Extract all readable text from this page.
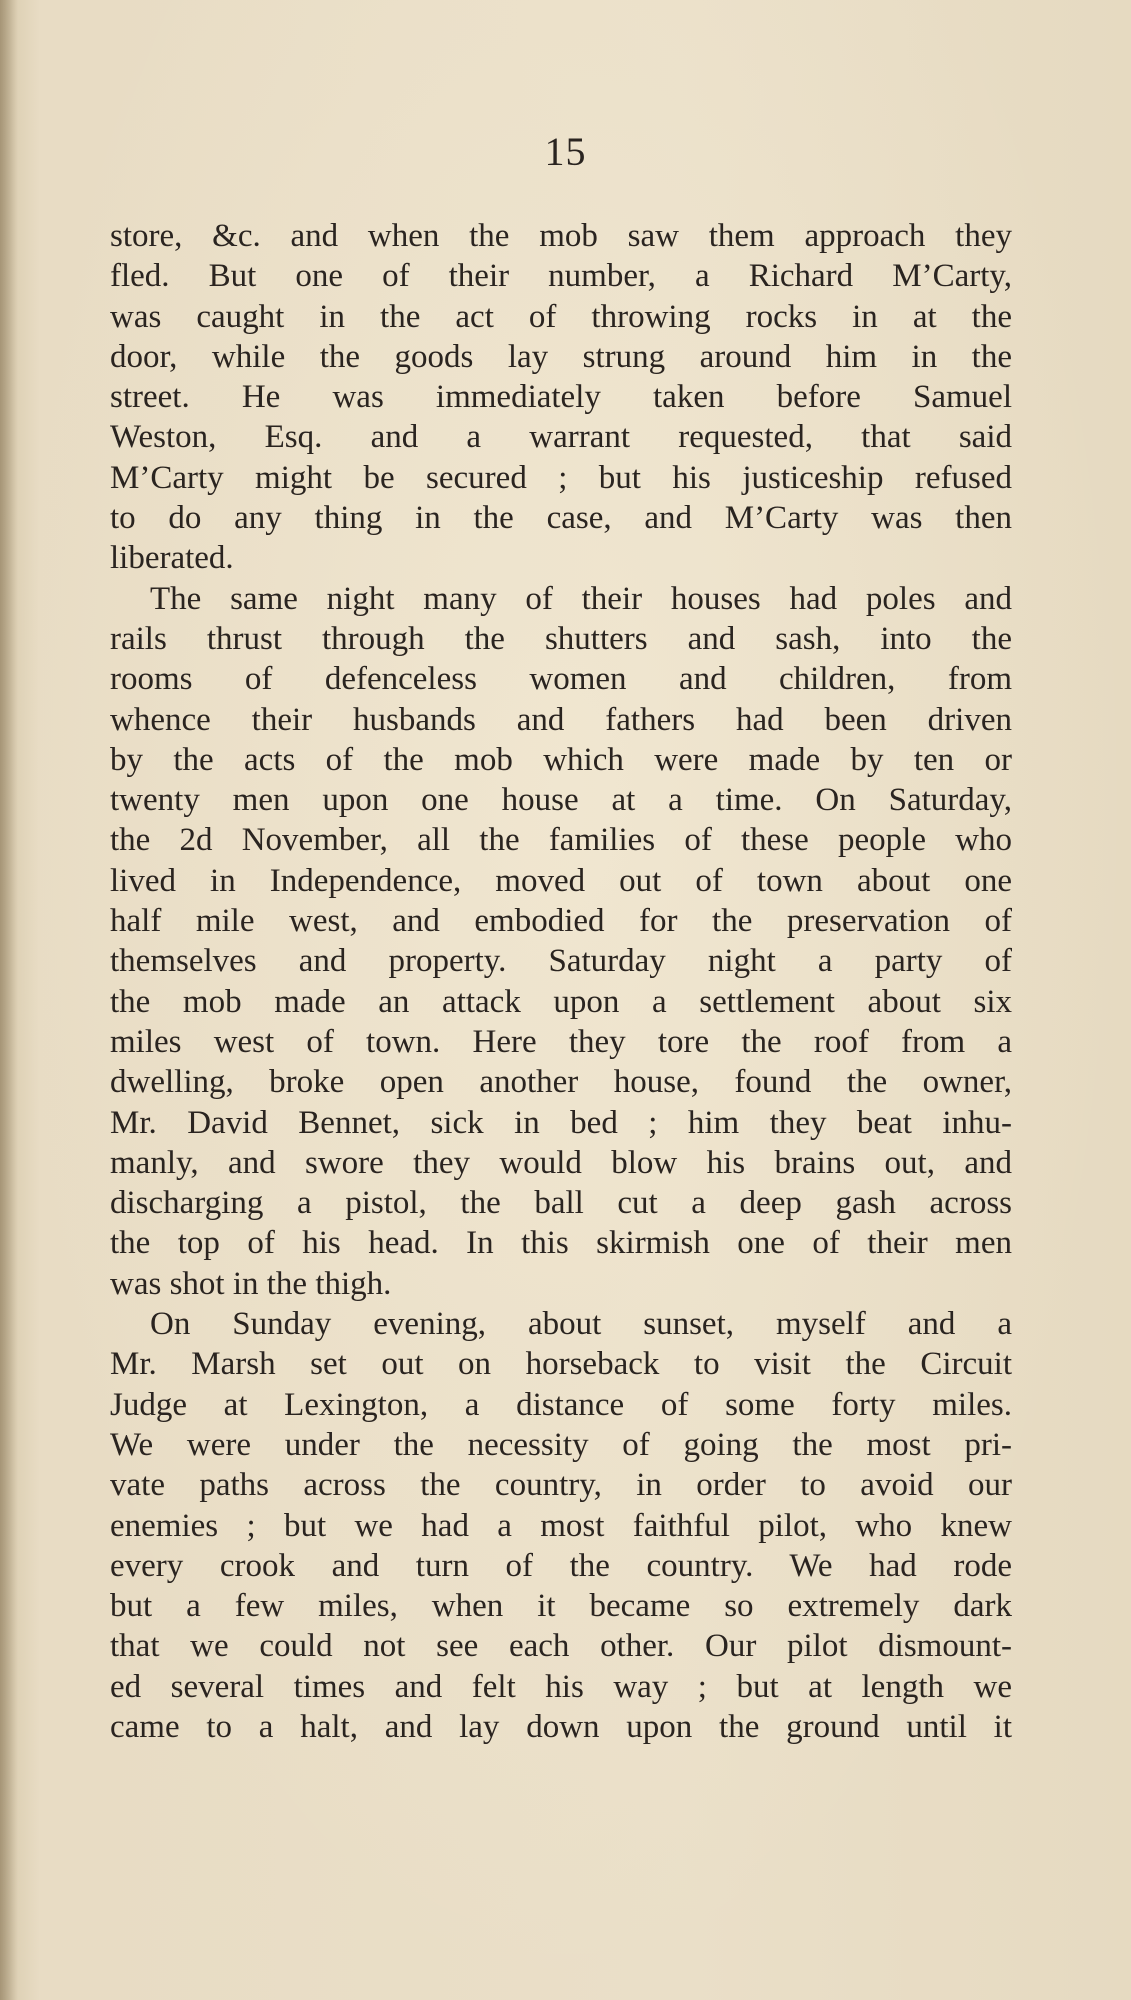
15

store, &c. and when the mob saw them approach they
fled. But one of their number, a Richard M’Carty,
was caught in the act of throwing rocks in at the
door, while the goods lay strung around him in the
street. He was immediately taken before Samuel
Weston, Esq. and a warrant requested, that said
M’Carty might be secured ; but his justiceship refused
to do any thing in the case, and M’Carty was then
liberated.

The same night many of their houses had poles and
rails thrust through the shutters and sash, into the
rooms of defenceless women and children, from
whence their husbands and fathers had been driven
by the acts of the mob which were made by ten or
twenty men upon one house at a time. On Saturday,
the 2d November, all the families of these people who
lived in Independence, moved out of town about one
half mile west, and embodied for the preservation of
themselves and property. Saturday night a party of
the mob made an attack upon a settlement about six
miles west of town. Here they tore the roof from a
dwelling, broke open another house, found the owner,
Mr. David Bennet, sick in bed ; him they beat inhu-
manly, and swore they would blow his brains out, and
discharging a pistol, the ball cut a deep gash across
the top of his head. In this skirmish one of their men
was shot in the thigh.

On Sunday evening, about sunset, myself and a
Mr. Marsh set out on horseback to visit the Circuit
Judge at Lexington, a distance of some forty miles.
We were under the necessity of going the most pri-
vate paths across the country, in order to avoid our
enemies ; but we had a most faithful pilot, who knew
every crook and turn of the country. We had rode
but a few miles, when it became so extremely dark
that we could not see each other. Our pilot dismount-
ed several times and felt his way ; but at length we
came to a halt, and lay down upon the ground until it
